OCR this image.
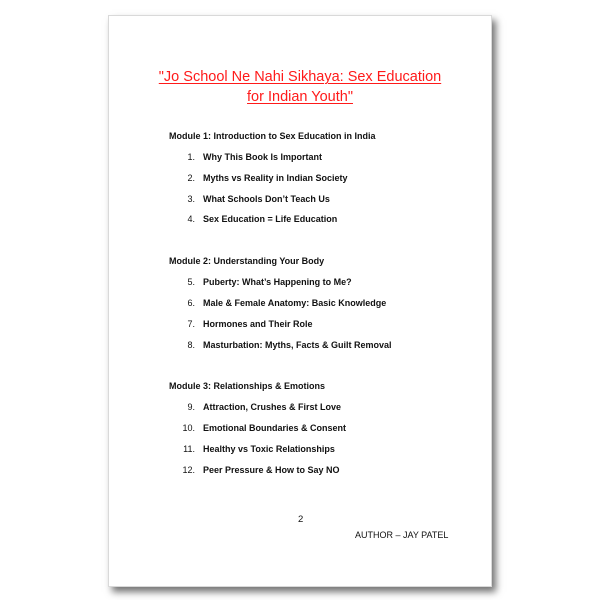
"Jo School Ne Nahi Sikhaya: Sex Education
for Indian Youth"
Module 1: Introduction to Sex Education in India
1. Why This Book Is Important
2. Myths vs Reality in Indian Society
3. What Schools Don’t Teach Us
4. Sex Education = Life Education
Module 2: Understanding Your Body
5. Puberty: What’s Happening to Me?
6. Male & Female Anatomy: Basic Knowledge
7. Hormones and Their Role
8. Masturbation: Myths, Facts & Guilt Removal
Module 3: Relationships & Emotions
9. Attraction, Crushes & First Love
10. Emotional Boundaries & Consent
11. Healthy vs Toxic Relationships
12. Peer Pressure & How to Say NO
2
AUTHOR – JAY PATEL
